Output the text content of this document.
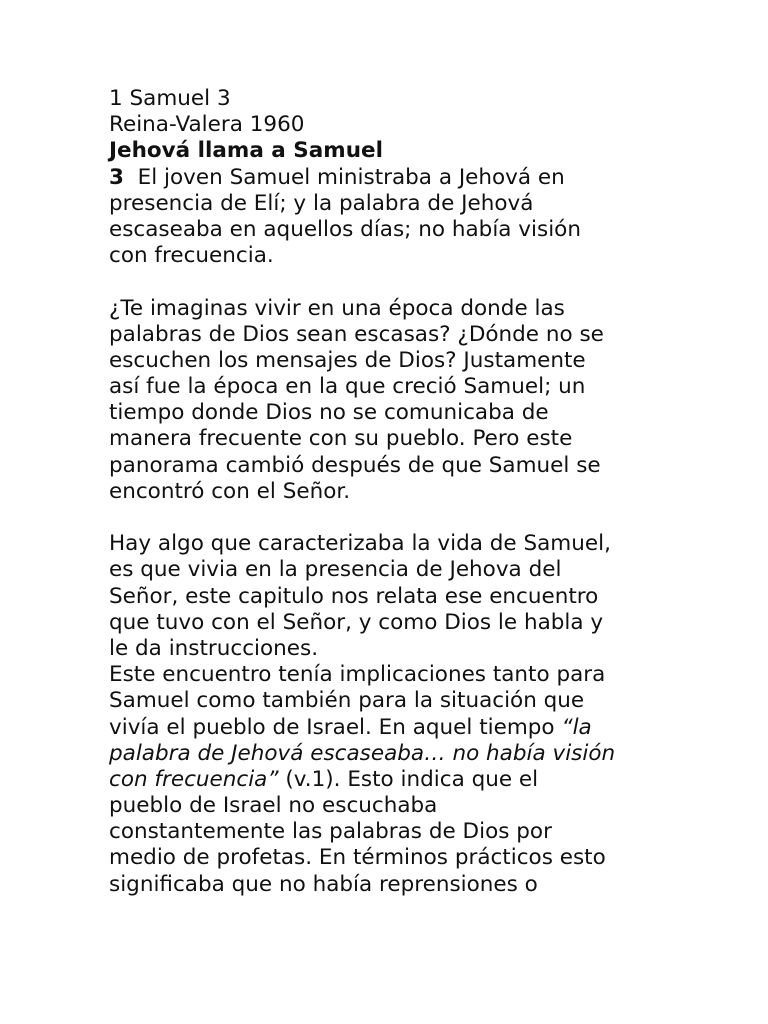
1 Samuel 3
Reina-Valera 1960
Jehová llama a Samuel
3  El joven Samuel ministraba a Jehová en
presencia de Elí; y la palabra de Jehová
escaseaba en aquellos días; no había visión
con frecuencia.
¿Te imaginas vivir en una época donde las
palabras de Dios sean escasas? ¿Dónde no se
escuchen los mensajes de Dios? Justamente
así fue la época en la que creció Samuel; un
tiempo donde Dios no se comunicaba de
manera frecuente con su pueblo. Pero este
panorama cambió después de que Samuel se
encontró con el Señor.
Hay algo que caracterizaba la vida de Samuel,
es que vivia en la presencia de Jehova del
Señor, este capitulo nos relata ese encuentro
que tuvo con el Señor, y como Dios le habla y
le da instrucciones.
Este encuentro tenía implicaciones tanto para
Samuel como también para la situación que
vivía el pueblo de Israel. En aquel tiempo “la
palabra de Jehová escaseaba… no había visión
con frecuencia” (v.1). Esto indica que el
pueblo de Israel no escuchaba
constantemente las palabras de Dios por
medio de profetas. En términos prácticos esto
significaba que no había reprensiones o
